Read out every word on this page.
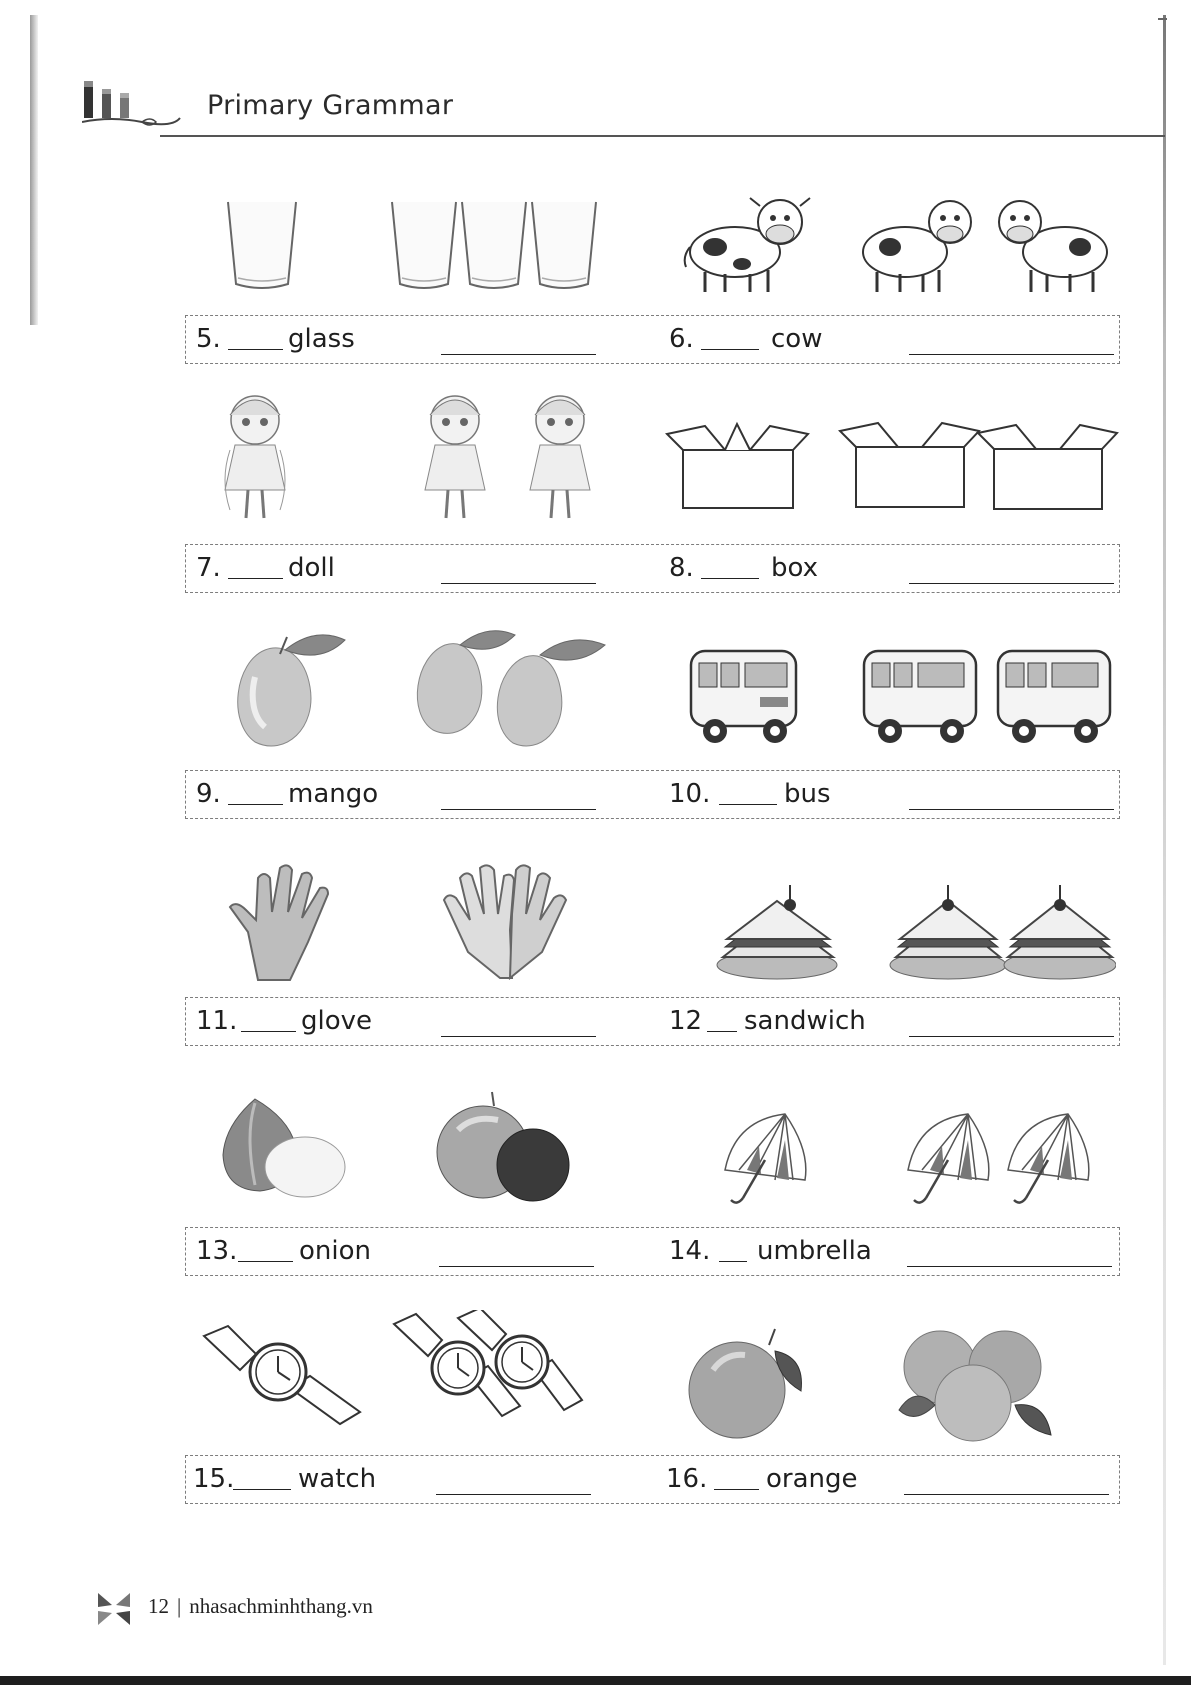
Primary Grammar
5.	glass	6.	cow
7.	doll	8.	box
9.	mango	10.	bus
11. glove	12 sandwich
13. onion	14. umbrella
15. watch	16. orange
12 | nhasachminhthang.vn
